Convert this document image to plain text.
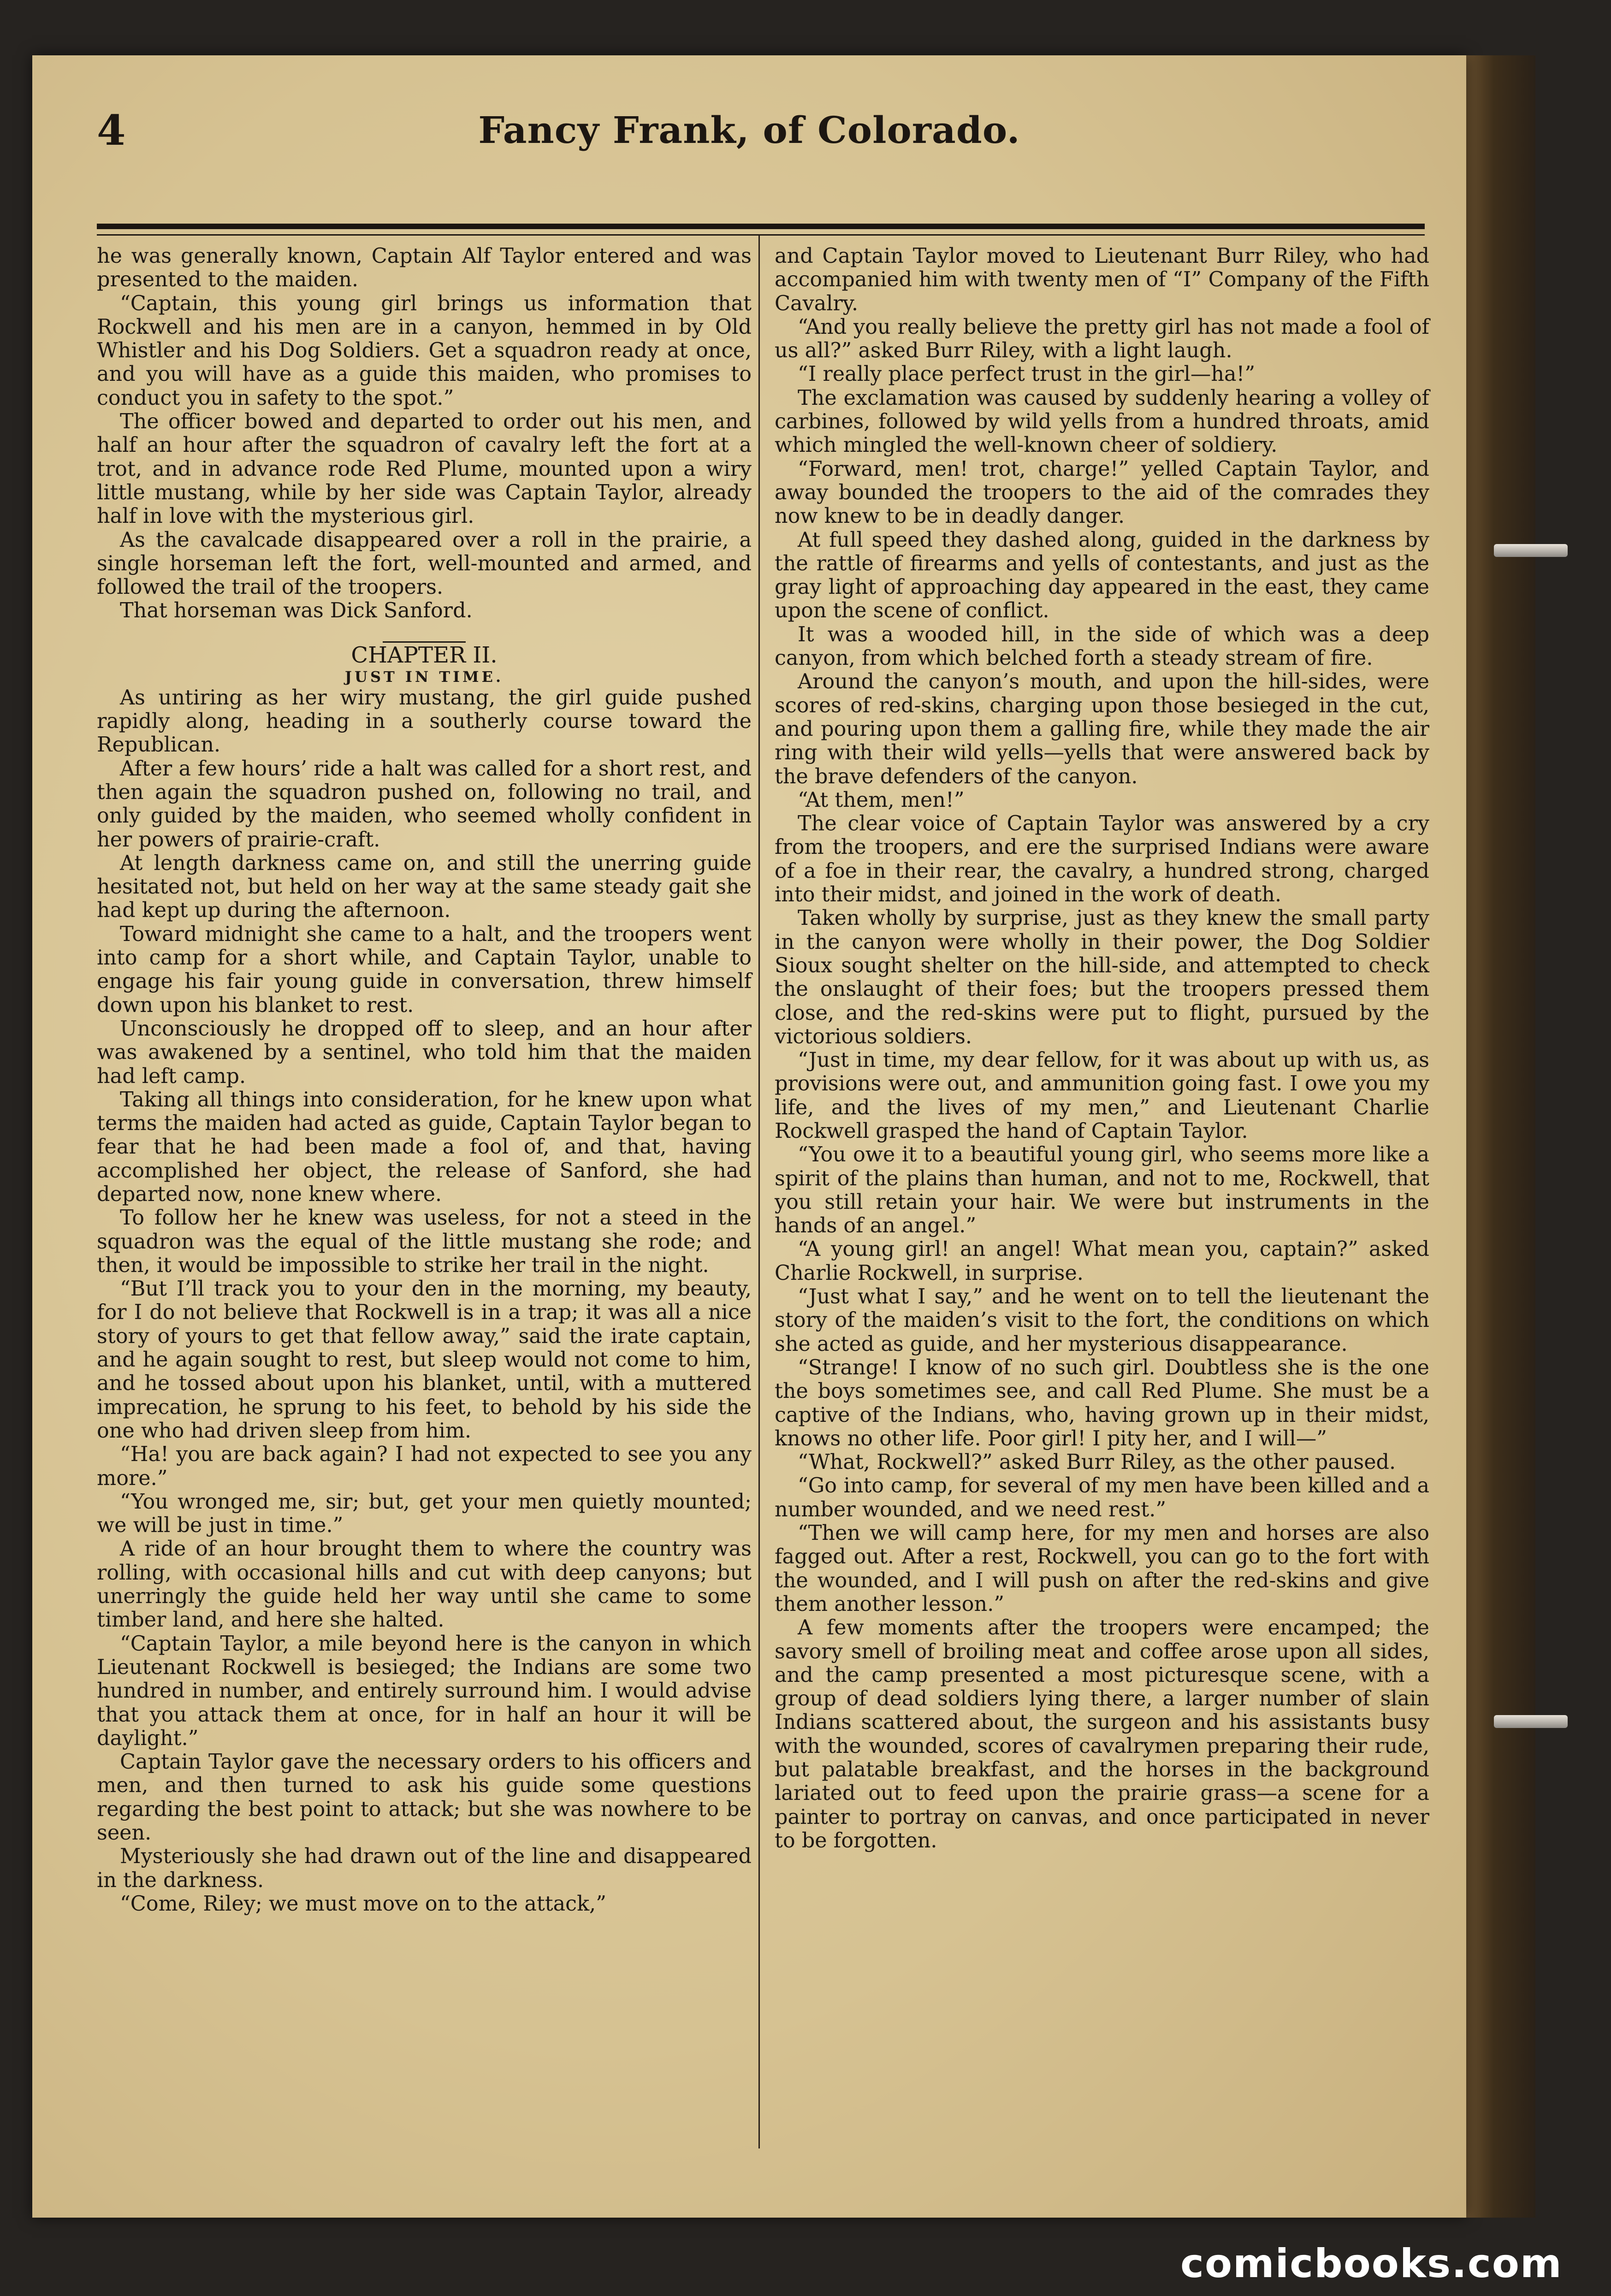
4	Fancy Frank, of Colorado.

he was generally known, Captain Alf Taylor entered and was presented to the maiden.

“Captain, this young girl brings us information that Rockwell and his men are in a canyon, hemmed in by Old Whistler and his Dog Soldiers. Get a squadron ready at once, and you will have as a guide this maiden, who promises to conduct you in safety to the spot.”

The officer bowed and departed to order out his men, and half an hour after the squadron of cavalry left the fort at a trot, and in advance rode Red Plume, mounted upon a wiry little mustang, while by her side was Captain Taylor, already half in love with the mysterious girl.

As the cavalcade disappeared over a roll in the prairie, a single horseman left the fort, well-mounted and armed, and followed the trail of the troopers.

That horseman was Dick Sanford.

CHAPTER II.
JUST IN TIME.

As untiring as her wiry mustang, the girl guide pushed rapidly along, heading in a southerly course toward the Republican.

After a few hours’ ride a halt was called for a short rest, and then again the squadron pushed on, following no trail, and only guided by the maiden, who seemed wholly confident in her powers of prairie-craft.

At length darkness came on, and still the unerring guide hesitated not, but held on her way at the same steady gait she had kept up during the afternoon.

Toward midnight she came to a halt, and the troopers went into camp for a short while, and Captain Taylor, unable to engage his fair young guide in conversation, threw himself down upon his blanket to rest.

Unconsciously he dropped off to sleep, and an hour after was awakened by a sentinel, who told him that the maiden had left camp.

Taking all things into consideration, for he knew upon what terms the maiden had acted as guide, Captain Taylor began to fear that he had been made a fool of, and that, having accomplished her object, the release of Sanford, she had departed now, none knew where.

To follow her he knew was useless, for not a steed in the squadron was the equal of the little mustang she rode; and then, it would be impossible to strike her trail in the night.

“But I’ll track you to your den in the morning, my beauty, for I do not believe that Rockwell is in a trap; it was all a nice story of yours to get that fellow away,” said the irate captain, and he again sought to rest, but sleep would not come to him, and he tossed about upon his blanket, until, with a muttered imprecation, he sprung to his feet, to behold by his side the one who had driven sleep from him.

“Ha! you are back again? I had not expected to see you any more.”

“You wronged me, sir; but, get your men quietly mounted; we will be just in time.”

A ride of an hour brought them to where the country was rolling, with occasional hills and cut with deep canyons; but unerringly the guide held her way until she came to some timber land, and here she halted.

“Captain Taylor, a mile beyond here is the canyon in which Lieutenant Rockwell is besieged; the Indians are some two hundred in number, and entirely surround him. I would advise that you attack them at once, for in half an hour it will be daylight.”

Captain Taylor gave the necessary orders to his officers and men, and then turned to ask his guide some questions regarding the best point to attack; but she was nowhere to be seen.

Mysteriously she had drawn out of the line and disappeared in the darkness.

“Come, Riley; we must move on to the attack,”

and Captain Taylor moved to Lieutenant Burr Riley, who had accompanied him with twenty men of “I” Company of the Fifth Cavalry.

“And you really believe the pretty girl has not made a fool of us all?” asked Burr Riley, with a light laugh.

“I really place perfect trust in the girl—ha!”

The exclamation was caused by suddenly hearing a volley of carbines, followed by wild yells from a hundred throats, amid which mingled the well-known cheer of soldiery.

“Forward, men! trot, charge!” yelled Captain Taylor, and away bounded the troopers to the aid of the comrades they now knew to be in deadly danger.

At full speed they dashed along, guided in the darkness by the rattle of firearms and yells of contestants, and just as the gray light of approaching day appeared in the east, they came upon the scene of conflict.

It was a wooded hill, in the side of which was a deep canyon, from which belched forth a steady stream of fire.

Around the canyon’s mouth, and upon the hill-sides, were scores of red-skins, charging upon those besieged in the cut, and pouring upon them a galling fire, while they made the air ring with their wild yells—yells that were answered back by the brave defenders of the canyon.

“At them, men!”

The clear voice of Captain Taylor was answered by a cry from the troopers, and ere the surprised Indians were aware of a foe in their rear, the cavalry, a hundred strong, charged into their midst, and joined in the work of death.

Taken wholly by surprise, just as they knew the small party in the canyon were wholly in their power, the Dog Soldier Sioux sought shelter on the hill-side, and attempted to check the onslaught of their foes; but the troopers pressed them close, and the red-skins were put to flight, pursued by the victorious soldiers.

“Just in time, my dear fellow, for it was about up with us, as provisions were out, and ammunition going fast. I owe you my life, and the lives of my men,” and Lieutenant Charlie Rockwell grasped the hand of Captain Taylor.

“You owe it to a beautiful young girl, who seems more like a spirit of the plains than human, and not to me, Rockwell, that you still retain your hair. We were but instruments in the hands of an angel.”

“A young girl! an angel! What mean you, captain?” asked Charlie Rockwell, in surprise.

“Just what I say,” and he went on to tell the lieutenant the story of the maiden’s visit to the fort, the conditions on which she acted as guide, and her mysterious disappearance.

“Strange! I know of no such girl. Doubtless she is the one the boys sometimes see, and call Red Plume. She must be a captive of the Indians, who, having grown up in their midst, knows no other life. Poor girl! I pity her, and I will—”

“What, Rockwell?” asked Burr Riley, as the other paused.

“Go into camp, for several of my men have been killed and a number wounded, and we need rest.”

“Then we will camp here, for my men and horses are also fagged out. After a rest, Rockwell, you can go to the fort with the wounded, and I will push on after the red-skins and give them another lesson.”

A few moments after the troopers were encamped; the savory smell of broiling meat and coffee arose upon all sides, and the camp presented a most picturesque scene, with a group of dead soldiers lying there, a larger number of slain Indians scattered about, the surgeon and his assistants busy with the wounded, scores of cavalrymen preparing their rude, but palatable breakfast, and the horses in the background lariated out to feed upon the prairie grass—a scene for a painter to portray on canvas, and once participated in never to be forgotten.

comicbooks.com
